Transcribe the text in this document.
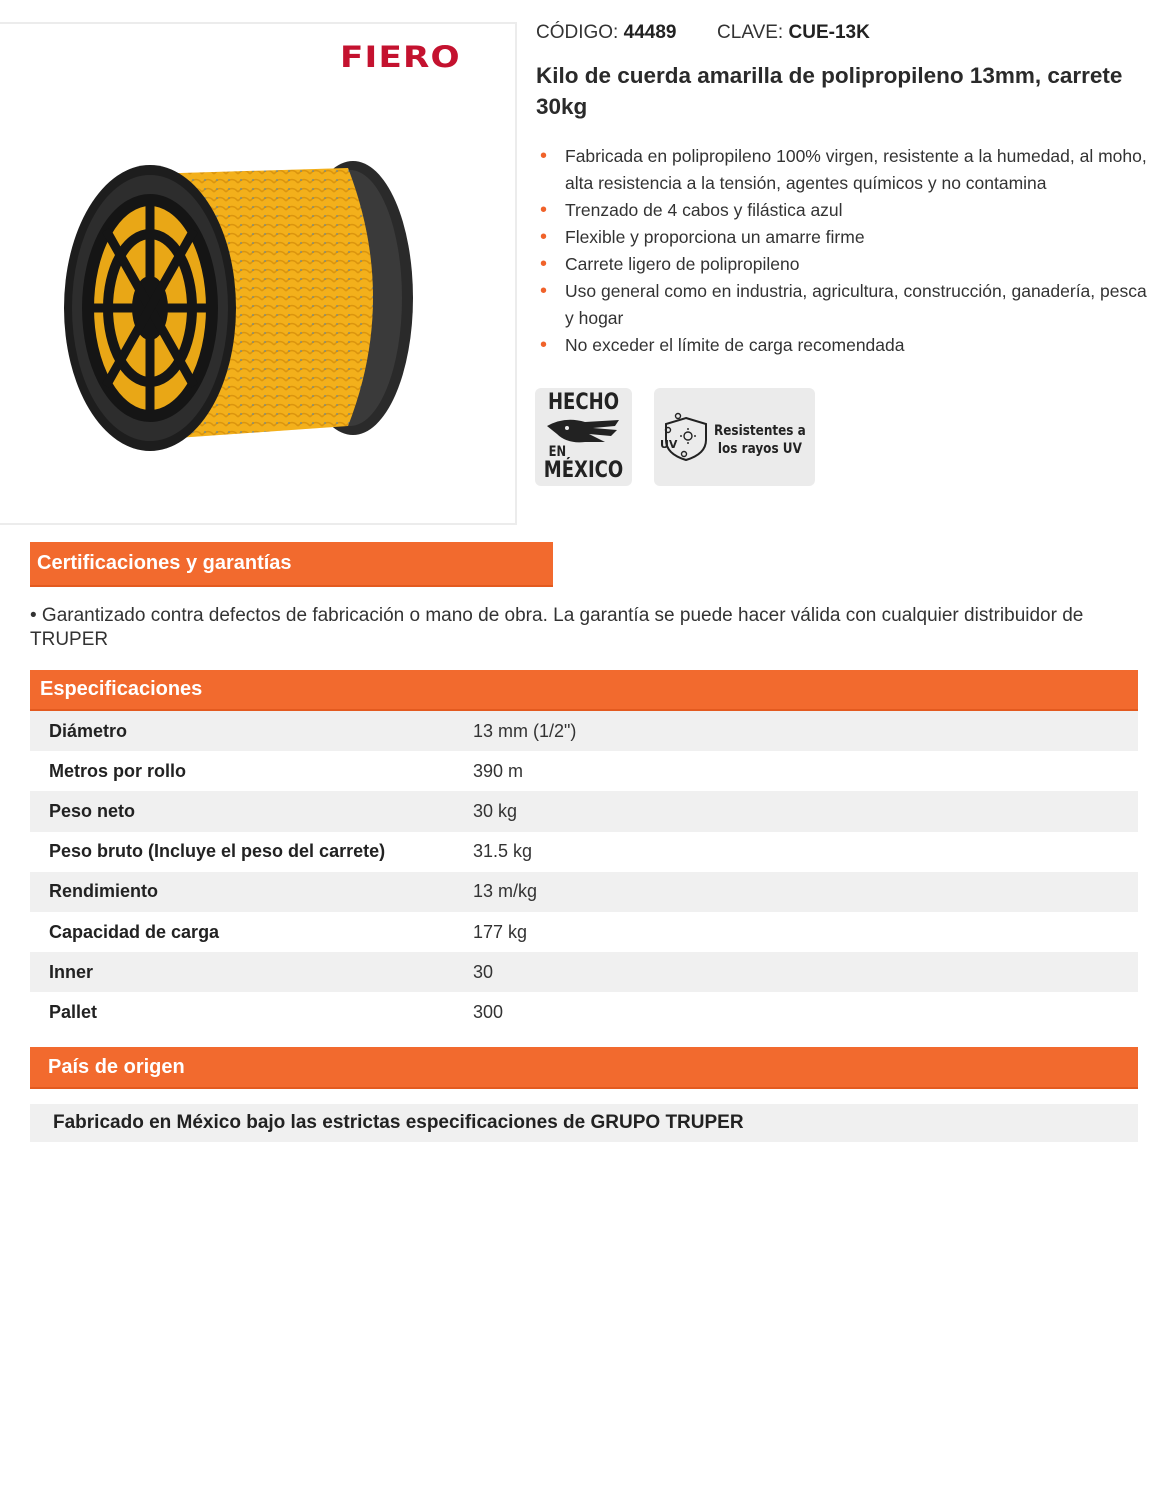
FIERO
CÓDIGO: 44489 CLAVE: CUE-13K
Kilo de cuerda amarilla de polipropileno 13mm, carrete 30kg
• Fabricada en polipropileno 100% virgen, resistente a la humedad, al moho, alta resistencia a la tensión, agentes químicos y no contamina
• Trenzado de 4 cabos y filástica azul
• Flexible y proporciona un amarre firme
• Carrete ligero de polipropileno
• Uso general como en industria, agricultura, construcción, ganadería, pesca y hogar
• No exceder el límite de carga recomendada
HECHO
EN
MÉXICO
UV
Resistentes a
los rayos UV
Certificaciones y garantías

• Garantizado contra defectos de fabricación o mano de obra. La garantía se puede hacer válida con cualquier distribuidor de TRUPER

Especificaciones
Diámetro	13 mm (1/2")
Metros por rollo	390 m
Peso neto	30 kg
Peso bruto (Incluye el peso del carrete)	31.5 kg
Rendimiento	13 m/kg
Capacidad de carga	177 kg
Inner	30
Pallet	300
País de origen
Fabricado en México bajo las estrictas especificaciones de GRUPO TRUPER
